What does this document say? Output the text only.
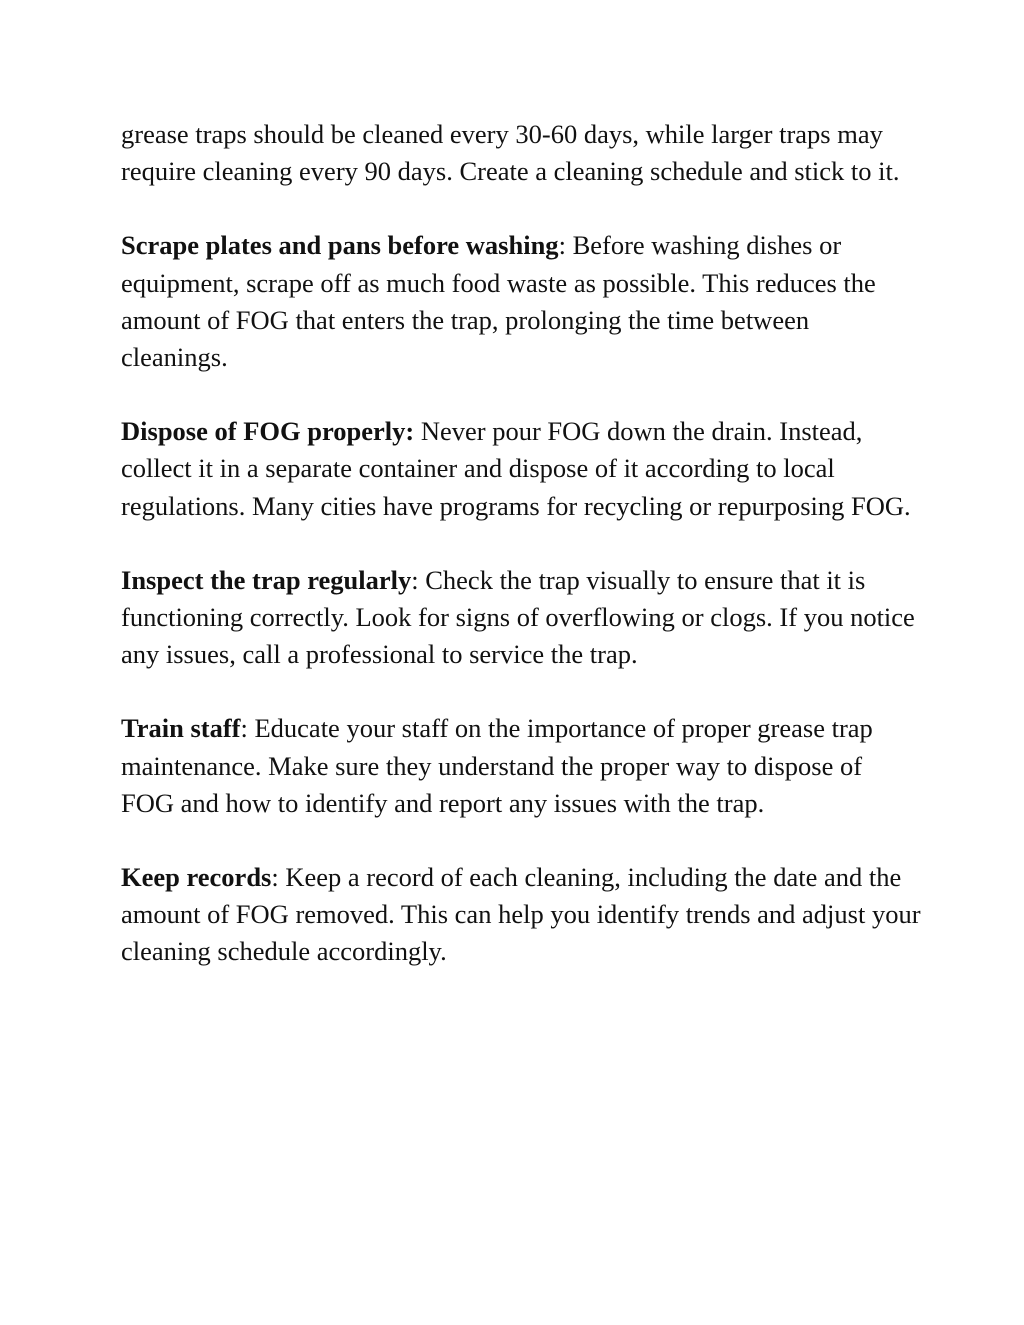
grease traps should be cleaned every 30-60 days, while larger traps may require cleaning every 90 days. Create a cleaning schedule and stick to it.

Scrape plates and pans before washing: Before washing dishes or equipment, scrape off as much food waste as possible. This reduces the amount of FOG that enters the trap, prolonging the time between cleanings.

Dispose of FOG properly: Never pour FOG down the drain. Instead, collect it in a separate container and dispose of it according to local regulations. Many cities have programs for recycling or repurposing FOG.

Inspect the trap regularly: Check the trap visually to ensure that it is functioning correctly. Look for signs of overflowing or clogs. If you notice any issues, call a professional to service the trap.

Train staff: Educate your staff on the importance of proper grease trap maintenance. Make sure they understand the proper way to dispose of FOG and how to identify and report any issues with the trap.

Keep records: Keep a record of each cleaning, including the date and the amount of FOG removed. This can help you identify trends and adjust your cleaning schedule accordingly.
